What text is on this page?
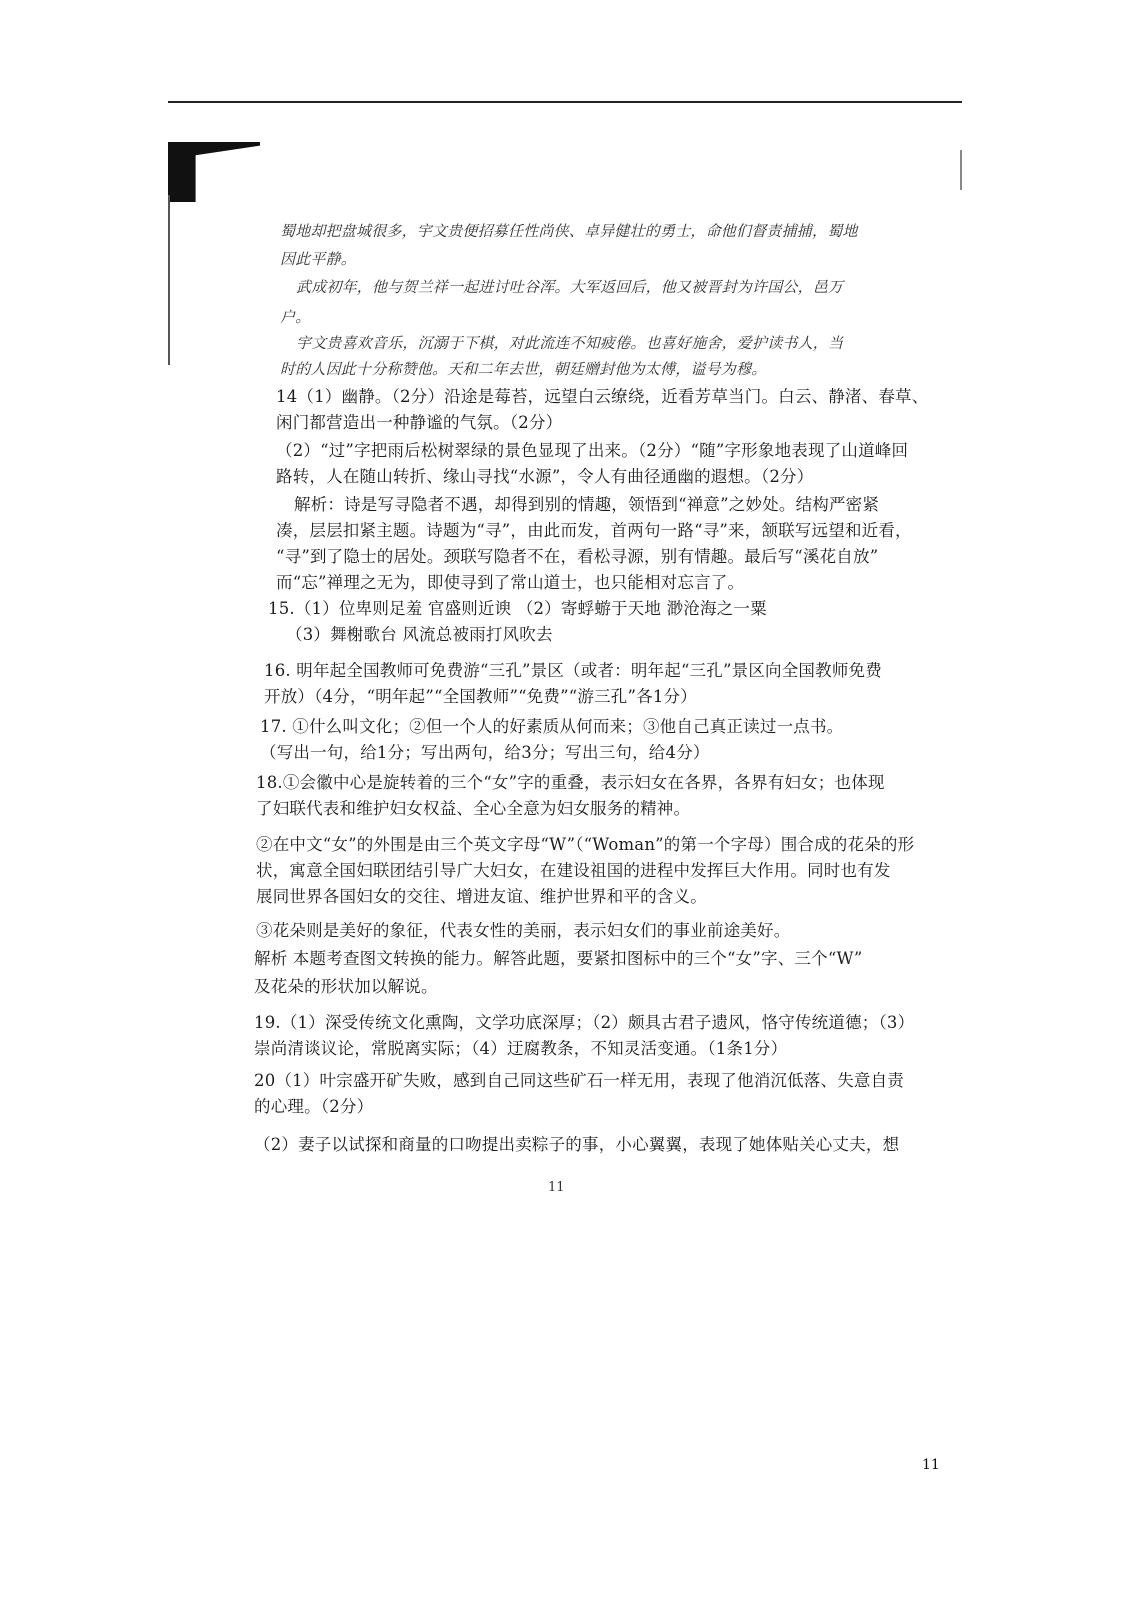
蜀地却把盘城很多，宇文贵便招募任性尚侠、卓异健壮的勇士，命他们督责捕捕，蜀地
因此平静。
武成初年，他与贺兰祥一起进讨吐谷浑。大军返回后，他又被晋封为许国公，邑万
户。
宇文贵喜欢音乐，沉溺于下棋，对此流连不知疲倦。也喜好施舍，爱护读书人，当
时的人因此十分称赞他。天和二年去世，朝廷赠封他为太傅，谥号为穆。
14（1）幽静。（2分）沿途是莓苔，远望白云缭绕，近看芳草当门。白云、静渚、春草、
闲门都营造出一种静谧的气氛。（2分）
（2）“过”字把雨后松树翠绿的景色显现了出来。（2分）“随”字形象地表现了山道峰回
路转，人在随山转折、缘山寻找“水源”，令人有曲径通幽的遐想。（2分）
解析：诗是写寻隐者不遇，却得到别的情趣，领悟到“禅意”之妙处。结构严密紧
凑，层层扣紧主题。诗题为“寻”，由此而发，首两句一路“寻”来，颔联写远望和近看，
“寻”到了隐士的居处。颈联写隐者不在，看松寻源，别有情趣。最后写“溪花自放”
而“忘”禅理之无为，即使寻到了常山道士，也只能相对忘言了。
15.（1）位卑则足羞 官盛则近谀 （2）寄蜉蝣于天地 渺沧海之一粟
（3）舞榭歌台 风流总被雨打风吹去
16. 明年起全国教师可免费游“三孔”景区（或者：明年起“三孔”景区向全国教师免费
开放）（4分，“明年起”“全国教师”“免费”“游三孔”各1分）
17. ①什么叫文化；②但一个人的好素质从何而来；③他自己真正读过一点书。
（写出一句，给1分；写出两句，给3分；写出三句，给4分）
18.①会徽中心是旋转着的三个“女”字的重叠，表示妇女在各界，各界有妇女；也体现
了妇联代表和维护妇女权益、全心全意为妇女服务的精神。
②在中文“女”的外围是由三个英文字母“W”（“Woman”的第一个字母）围合成的花朵的形
状，寓意全国妇联团结引导广大妇女，在建设祖国的进程中发挥巨大作用。同时也有发
展同世界各国妇女的交往、增进友谊、维护世界和平的含义。
③花朵则是美好的象征，代表女性的美丽，表示妇女们的事业前途美好。
解析 本题考查图文转换的能力。解答此题，要紧扣图标中的三个“女”字、三个“W”
及花朵的形状加以解说。
19.（1）深受传统文化熏陶，文学功底深厚；（2）颇具古君子遗风，恪守传统道德；（3）
崇尚清谈议论，常脱离实际；（4）迂腐教条，不知灵活变通。（1条1分）
20（1）叶宗盛开矿失败，感到自己同这些矿石一样无用，表现了他消沉低落、失意自责
的心理。（2分）
（2）妻子以试探和商量的口吻提出卖粽子的事，小心翼翼，表现了她体贴关心丈夫，想
11
11
